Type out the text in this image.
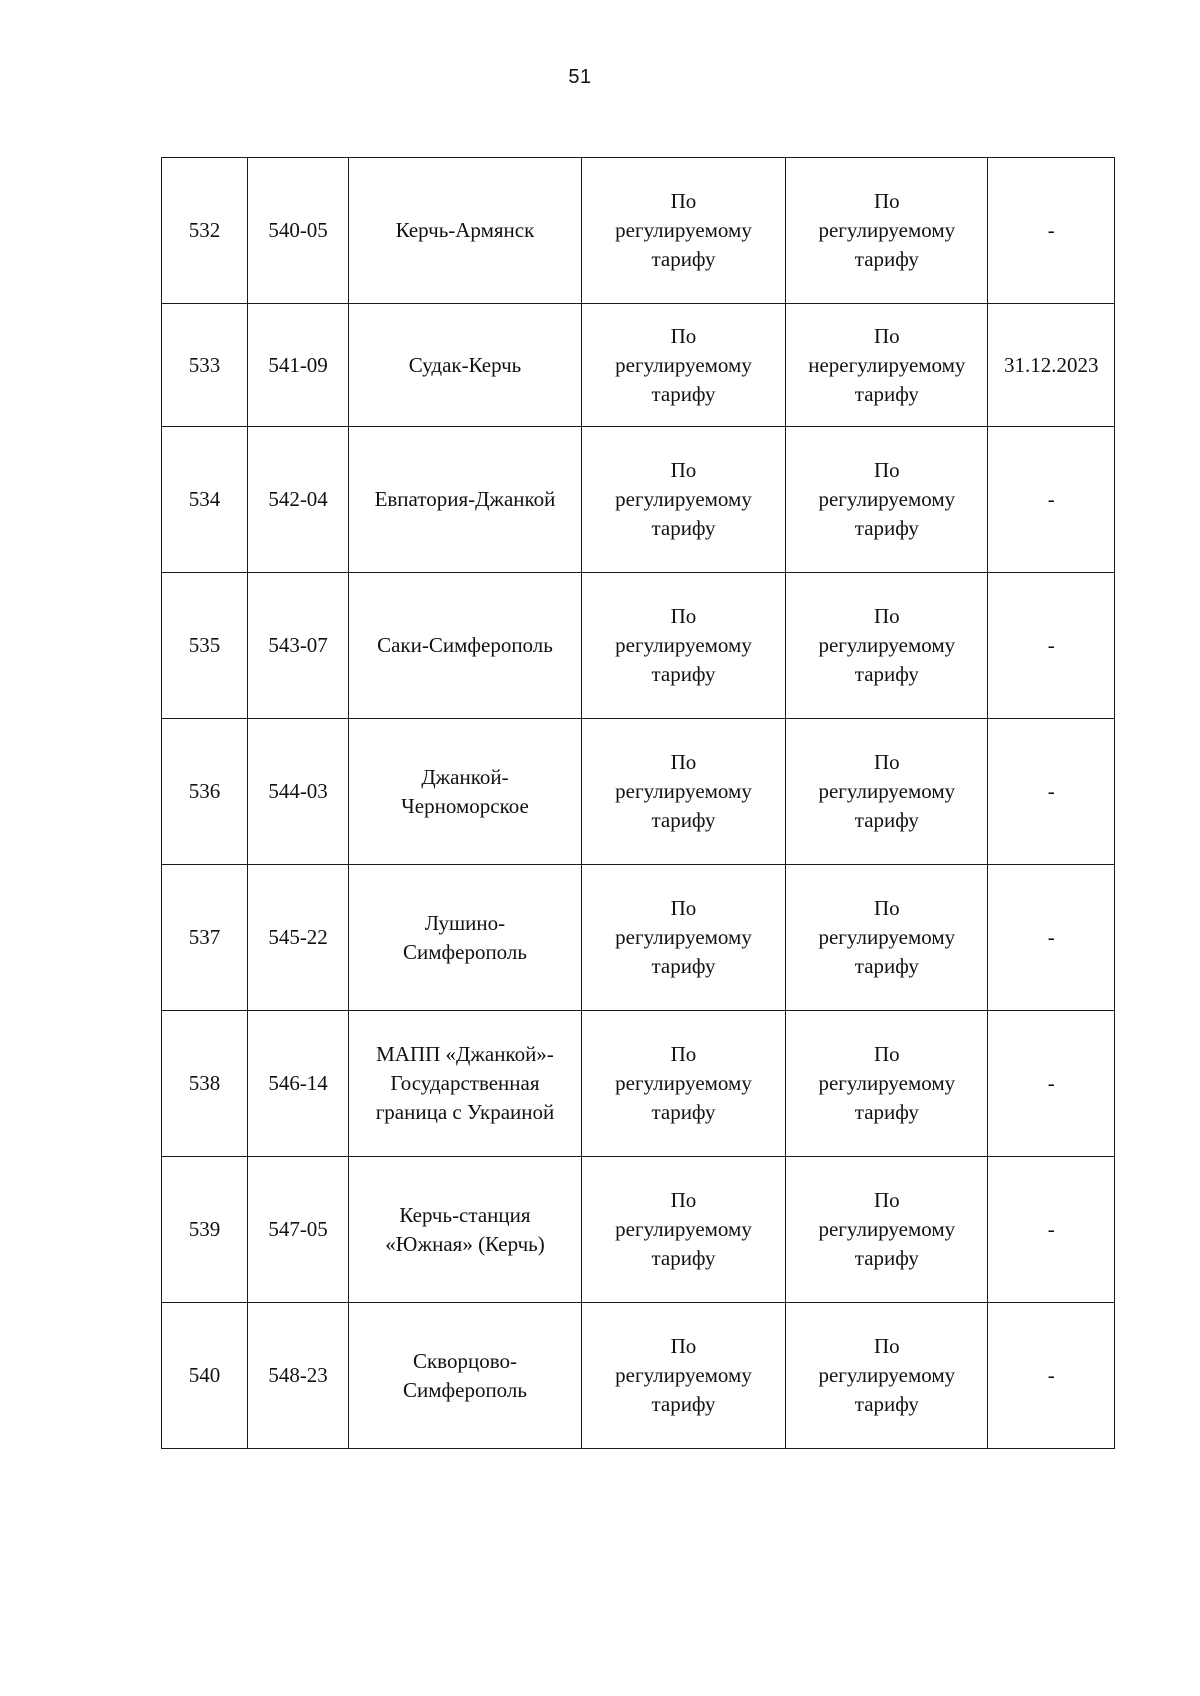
51
532	540-05	Керчь-Армянск	По
регулируемому
тарифу	По
регулируемому
тарифу	-
533	541-09	Судак-Керчь	По
регулируемому
тарифу	По
нерегулируемому
тарифу	31.12.2023
534	542-04	Евпатория-Джанкой	По
регулируемому
тарифу	По
регулируемому
тарифу	-
535	543-07	Саки-Симферополь	По
регулируемому
тарифу	По
регулируемому
тарифу	-
536	544-03	Джанкой-
Черноморское	По
регулируемому
тарифу	По
регулируемому
тарифу	-
537	545-22	Лушино-
Симферополь	По
регулируемому
тарифу	По
регулируемому
тарифу	-
538	546-14	МАПП «Джанкой»-
Государственная
граница с Украиной	По
регулируемому
тарифу	По
регулируемому
тарифу	-
539	547-05	Керчь-станция
«Южная» (Керчь)	По
регулируемому
тарифу	По
регулируемому
тарифу	-
540	548-23	Скворцово-
Симферополь	По
регулируемому
тарифу	По
регулируемому
тарифу	-
